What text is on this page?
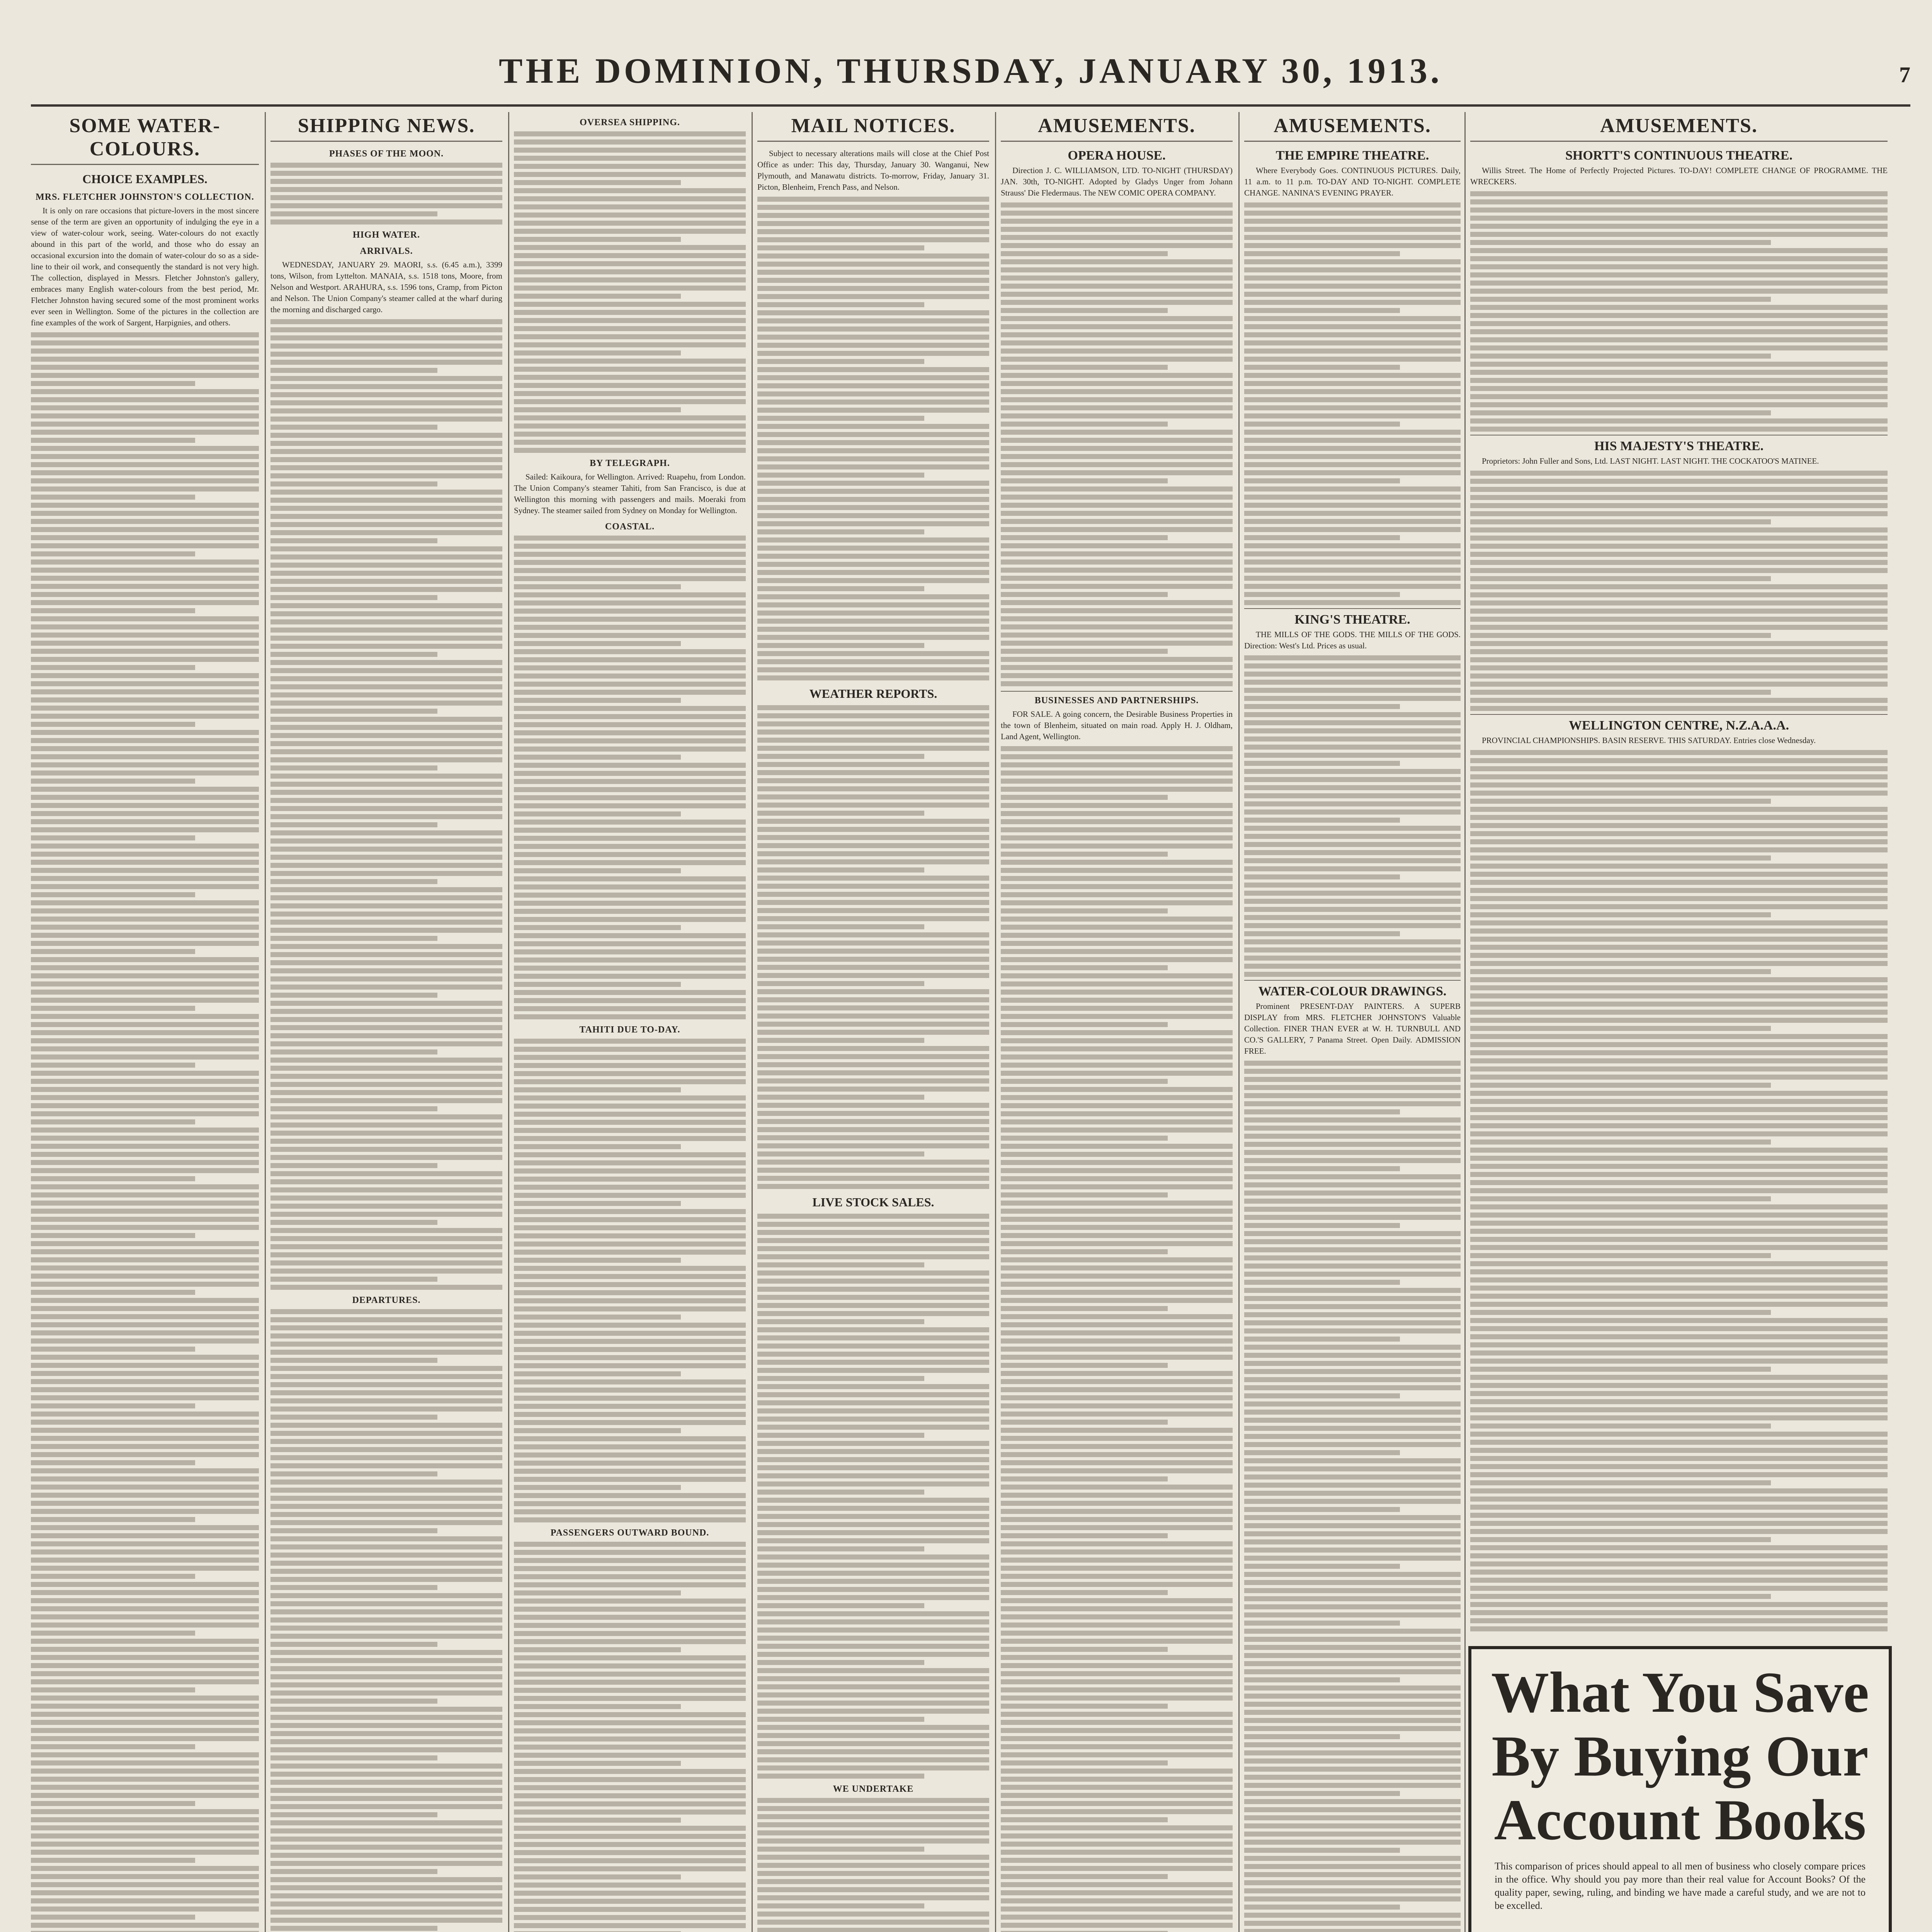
7
THE DOMINION, THURSDAY, JANUARY 30, 1913.
SOME WATER-COLOURS.
CHOICE EXAMPLES.
MRS. FLETCHER JOHNSTON'S COLLECTION.

It is only on rare occasions that picture-lovers in the most sincere sense of the term are given an opportunity of indulging the eye in a view of water-colour work, seeing. Water-colours do not exactly abound in this part of the world, and those who do essay an occasional excursion into the domain of water-colour do so as a side-line to their oil work, and consequently the standard is not very high. The collection, displayed in Messrs. Fletcher Johnston's gallery, embraces many English water-colours from the best period, Mr. Fletcher Johnston having secured some of the most prominent works ever seen in Wellington. Some of the pictures in the collection are fine examples of the work of Sargent, Harpignies, and others.

SHIPPING NEWS.
PHASES OF THE MOON.
HIGH WATER.
ARRIVALS.

WEDNESDAY, JANUARY 29. MAORI, s.s. (6.45 a.m.), 3399 tons, Wilson, from Lyttelton. MANAIA, s.s. 1518 tons, Moore, from Nelson and Westport. ARAHURA, s.s. 1596 tons, Cramp, from Picton and Nelson. The Union Company's steamer called at the wharf during the morning and discharged cargo.

DEPARTURES.
OVERSEA SHIPPING.
BY TELEGRAPH.

Sailed: Kaikoura, for Wellington. Arrived: Ruapehu, from London. The Union Company's steamer Tahiti, from San Francisco, is due at Wellington this morning with passengers and mails. Moeraki from Sydney. The steamer sailed from Sydney on Monday for Wellington.

COASTAL.
TAHITI DUE TO-DAY.
PASSENGERS OUTWARD BOUND.
MAIL NOTICES.

Subject to necessary alterations mails will close at the Chief Post Office as under: This day, Thursday, January 30. Wanganui, New Plymouth, and Manawatu districts. To-morrow, Friday, January 31. Picton, Blenheim, French Pass, and Nelson.

WEATHER REPORTS.
LIVE STOCK SALES.
WE UNDERTAKE
AMUSEMENTS.
OPERA HOUSE.

Direction J. C. WILLIAMSON, LTD. TO-NIGHT (THURSDAY) JAN. 30th, TO-NIGHT. Adopted by Gladys Unger from Johann Strauss' Die Fledermaus. The NEW COMIC OPERA COMPANY.

BUSINESSES AND PARTNERSHIPS.

FOR SALE. A going concern, the Desirable Business Properties in the town of Blenheim, situated on main road. Apply H. J. Oldham, Land Agent, Wellington.

AMUSEMENTS.
THE EMPIRE THEATRE.

Where Everybody Goes. CONTINUOUS PICTURES. Daily, 11 a.m. to 11 p.m. TO-DAY AND TO-NIGHT. COMPLETE CHANGE. NANINA'S EVENING PRAYER.

KING'S THEATRE.

THE MILLS OF THE GODS. THE MILLS OF THE GODS. Direction: West's Ltd. Prices as usual.

WATER-COLOUR DRAWINGS.

Prominent PRESENT-DAY PAINTERS. A SUPERB DISPLAY from MRS. FLETCHER JOHNSTON'S Valuable Collection. FINER THAN EVER at W. H. TURNBULL AND CO.'S GALLERY, 7 Panama Street. Open Daily. ADMISSION FREE.

AMUSEMENTS.
SHORTT'S CONTINUOUS THEATRE.

Willis Street. The Home of Perfectly Projected Pictures. TO-DAY! COMPLETE CHANGE OF PROGRAMME. THE WRECKERS.

HIS MAJESTY'S THEATRE.

Proprietors: John Fuller and Sons, Ltd. LAST NIGHT. LAST NIGHT. THE COCKATOO'S MATINEE.

WELLINGTON CENTRE, N.Z.A.A.A.

PROVINCIAL CHAMPIONSHIPS. BASIN RESERVE. THIS SATURDAY. Entries close Wednesday.

What You Save By Buying Our Account Books
This comparison of prices should appeal to all men of business who closely compare prices in the office. Why should you pay more than their real value for Account Books? Of the quality paper, sewing, ruling, and binding we have made a careful study, and we are not to be excelled.
